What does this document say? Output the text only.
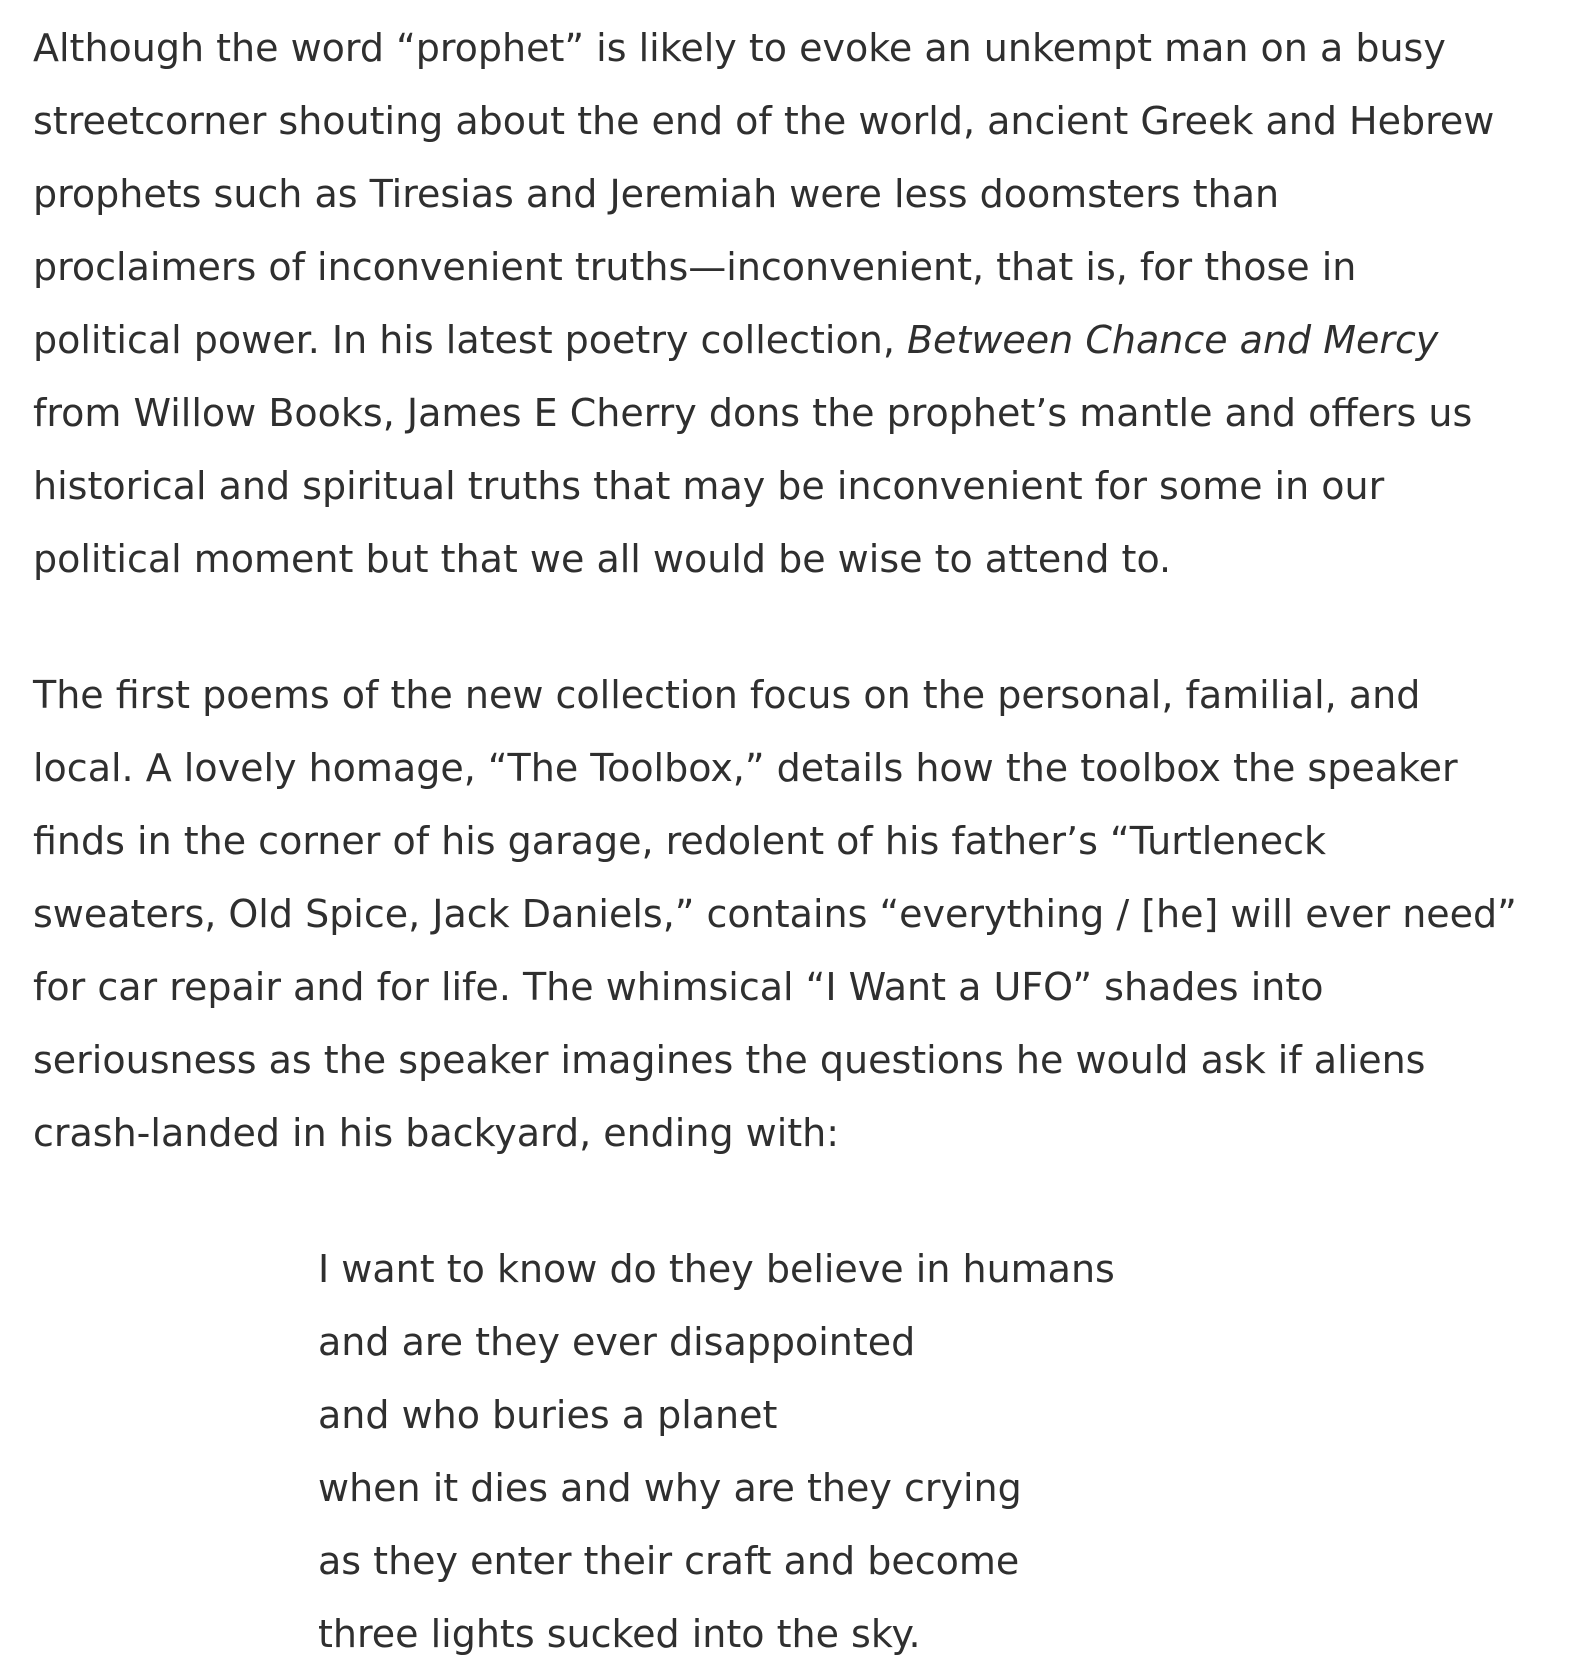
Although the word “prophet” is likely to evoke an unkempt man on a busy
streetcorner shouting about the end of the world, ancient Greek and Hebrew
prophets such as Tiresias and Jeremiah were less doomsters than
proclaimers of inconvenient truths—inconvenient, that is, for those in
political power. In his latest poetry collection, Between Chance and Mercy
from Willow Books, James E Cherry dons the prophet’s mantle and offers us
historical and spiritual truths that may be inconvenient for some in our
political moment but that we all would be wise to attend to.

The first poems of the new collection focus on the personal, familial, and
local. A lovely homage, “The Toolbox,” details how the toolbox the speaker
finds in the corner of his garage, redolent of his father’s “Turtleneck
sweaters, Old Spice, Jack Daniels,” contains “everything / [he] will ever need”
for car repair and for life. The whimsical “I Want a UFO” shades into
seriousness as the speaker imagines the questions he would ask if aliens
crash-landed in his backyard, ending with:

I want to know do they believe in humans
and are they ever disappointed
and who buries a planet
when it dies and why are they crying
as they enter their craft and become
three lights sucked into the sky.
